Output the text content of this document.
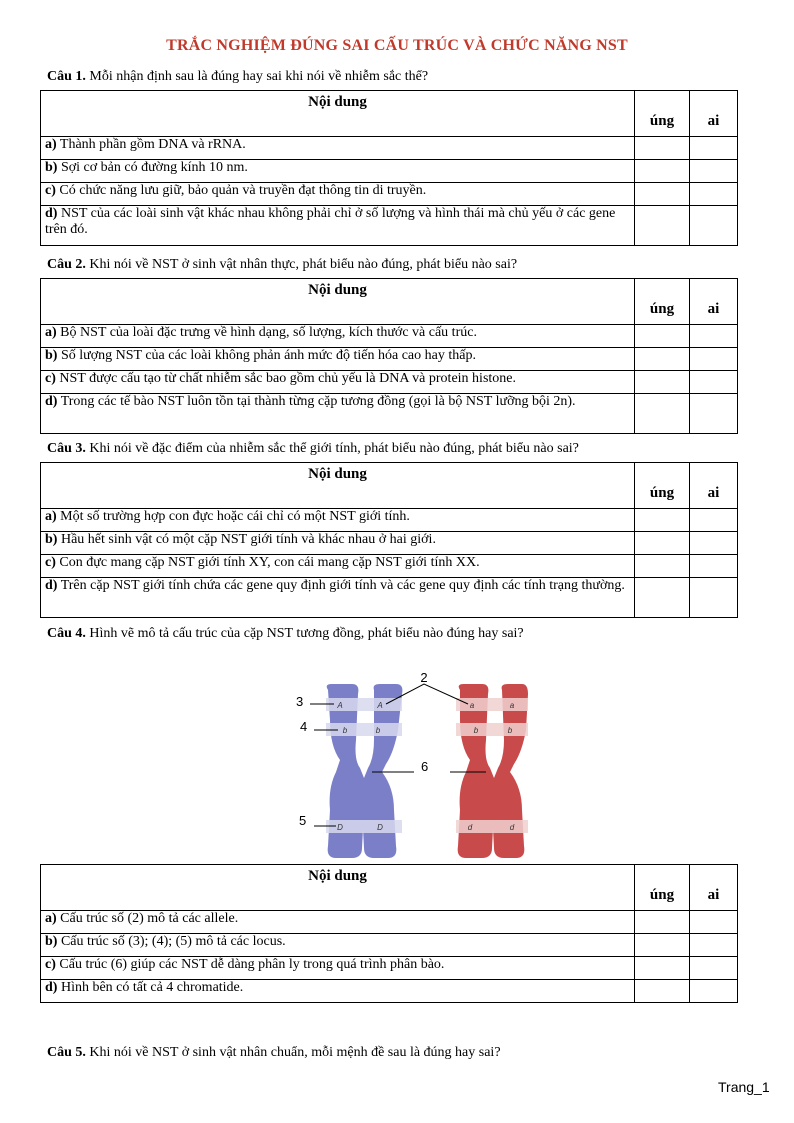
TRẮC NGHIỆM ĐÚNG SAI CẤU TRÚC VÀ CHỨC NĂNG NST
Câu 1. Mỗi nhận định sau là đúng hay sai khi nói về nhiễm sắc thể?
Nội dung	úng	ai
a) Thành phần gồm DNA và rRNA.		
b) Sợi cơ bản có đường kính 10 nm.		
c) Có chức năng lưu giữ, bảo quản và truyền đạt thông tin di truyền.		
d) NST của các loài sinh vật khác nhau không phải chỉ ở số lượng và hình thái mà chủ yếu ở các gene trên đó.		
Câu 2. Khi nói về NST ở sinh vật nhân thực, phát biểu nào đúng, phát biểu nào sai?
Nội dung	úng	ai
a) Bộ NST của loài đặc trưng về hình dạng, số lượng, kích thước và cấu trúc.		
b) Số lượng NST của các loài không phản ánh mức độ tiến hóa cao hay thấp.		
c) NST được cấu tạo từ chất nhiễm sắc bao gồm chủ yếu là DNA và protein histone.		
d) Trong các tế bào NST luôn tồn tại thành từng cặp tương đồng (gọi là bộ NST lưỡng bội 2n).		
Câu 3. Khi nói về đặc điểm của nhiễm sắc thể giới tính, phát biểu nào đúng, phát biểu nào sai?
Nội dung	úng	ai
a) Một số trường hợp con đực hoặc cái chỉ có một NST giới tính.		
b) Hầu hết sinh vật có một cặp NST giới tính và khác nhau ở hai giới.		
c) Con đực mang cặp NST giới tính XY, con cái mang cặp NST giới tính XX.		
d) Trên cặp NST giới tính chứa các gene quy định giới tính và các gene quy định các tính trạng thường.		
Câu 4. Hình vẽ mô tả cấu trúc của cặp NST tương đồng, phát biểu nào đúng hay sai?
A	A
b	b
D	D
a	a
b	b
d	d
2
3
4
5
6
Nội dung	úng	ai
a) Cấu trúc số (2) mô tả các allele.		
b) Cấu trúc số (3); (4); (5) mô tả các locus.		
c) Cấu trúc (6) giúp các NST dễ dàng phân ly trong quá trình phân bào.		
d) Hình bên có tất cả 4 chromatide.		
Câu 5. Khi nói về NST ở sinh vật nhân chuẩn, mỗi mệnh đề sau là đúng hay sai?
Trang_1
